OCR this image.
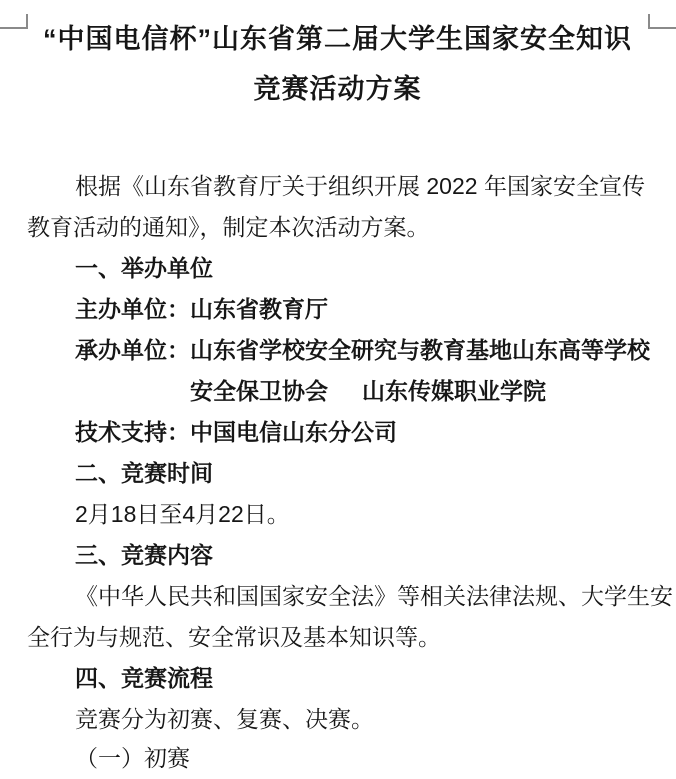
“中国电信杯”山东省第二届大学生国家安全知识
竞赛活动方案
根据《山东省教育厅关于组织开展 2022 年国家安全宣传
教育活动的通知》，制定本次活动方案。
一、举办单位
主办单位：山东省教育厅
承办单位：山东省学校安全研究与教育基地山东高等学校
安全保卫协会 山东传媒职业学院
技术支持：中国电信山东分公司
二、竞赛时间
2月18日至4月22日。
三、竞赛内容
《中华人民共和国国家安全法》等相关法律法规、大学生安
全行为与规范、安全常识及基本知识等。
四、竞赛流程
竞赛分为初赛、复赛、决赛。
（一）初赛
